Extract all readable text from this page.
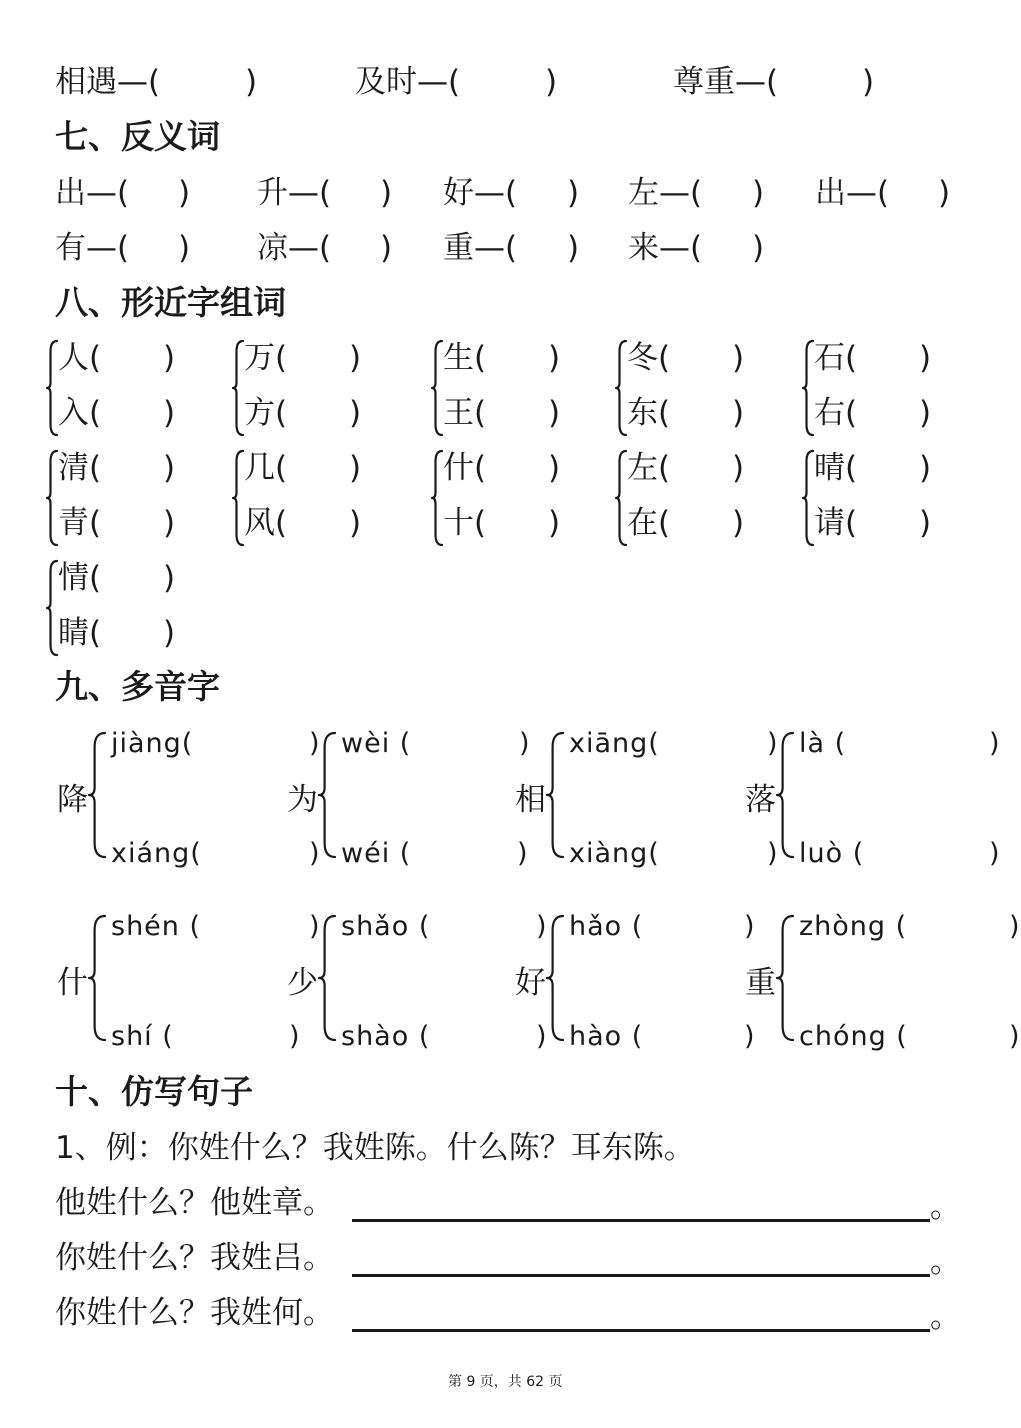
相遇—(	)	及时—(	)	尊重—(	)
七、反义词
八、形近字组词
九、多音字
十、仿写句子
1、例：你姓什么？我姓陈。什么陈？耳东陈。
第 9 页，共 62 页
出—( ) 升—( ) 好—( ) 左—( ) 出—( )
有—( ) 凉—( ) 重—( ) 来—( )
人( )
入( )
万( )
方( )
生( )
王( )
冬( )
东( )
石( )
右( )
清( )
青( )
几( )
风( )
什( )
十( )
左( )
在( )
晴( )
请( )
情( )
睛( )
降
jiàng(	)
xiáng(	)
为
wèi (	)
wéi (	)
相
xiāng(	)
xiàng(	)
落
là (	)
luò (	)
什
shén (	)
shí (	)
少
shǎo (	)
shào (	)
好
hǎo (	)
hào (	)
重
zhòng (	)
chóng (	)
他姓什么？他姓章。	。
你姓什么？我姓吕。	。
你姓什么？我姓何。	。
